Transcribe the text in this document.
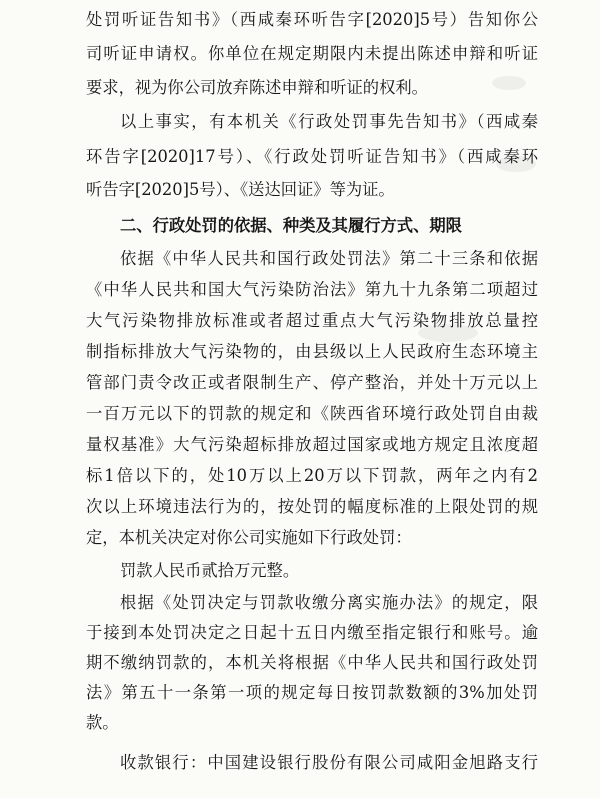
处罚听证告知书》（西咸秦环听告字[2020]5号）告知你公
司听证申请权。你单位在规定期限内未提出陈述申辩和听证
要求，视为你公司放弃陈述申辩和听证的权利。
以上事实，有本机关《行政处罚事先告知书》（西咸秦
环告字[2020]17号）、《行政处罚听证告知书》（西咸秦环
听告字[2020]5号）、《送达回证》等为证。
二、行政处罚的依据、种类及其履行方式、期限
依据《中华人民共和国行政处罚法》第二十三条和依据
《中华人民共和国大气污染防治法》第九十九条第二项超过
大气污染物排放标准或者超过重点大气污染物排放总量控
制指标排放大气污染物的，由县级以上人民政府生态环境主
管部门责令改正或者限制生产、停产整治，并处十万元以上
一百万元以下的罚款的规定和《陕西省环境行政处罚自由裁
量权基准》大气污染超标排放超过国家或地方规定且浓度超
标1倍以下的，处10万以上20万以下罚款，两年之内有2
次以上环境违法行为的，按处罚的幅度标准的上限处罚的规
定，本机关决定对你公司实施如下行政处罚：
罚款人民币贰拾万元整。
根据《处罚决定与罚款收缴分离实施办法》的规定，限
于接到本处罚决定之日起十五日内缴至指定银行和账号。逾
期不缴纳罚款的，本机关将根据《中华人民共和国行政处罚
法》第五十一条第一项的规定每日按罚款数额的3%加处罚
款。
收款银行：中国建设银行股份有限公司咸阳金旭路支行
